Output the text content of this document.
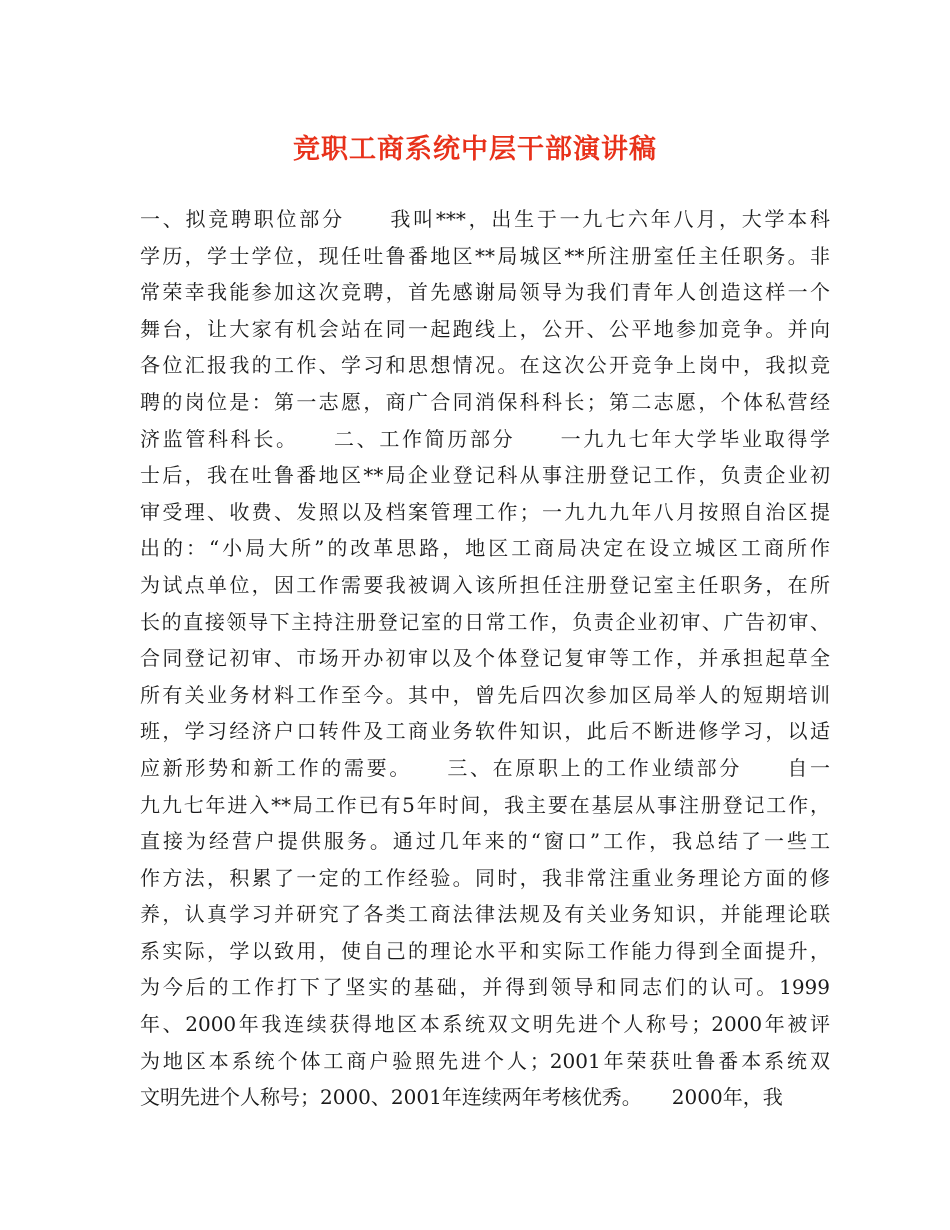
竞职工商系统中层干部演讲稿
一、拟竞聘职位部分　　我叫***，出生于一九七六年八月，大学本科
学历，学士学位，现任吐鲁番地区**局城区**所注册室任主任职务。非
常荣幸我能参加这次竞聘，首先感谢局领导为我们青年人创造这样一个
舞台，让大家有机会站在同一起跑线上，公开、公平地参加竞争。并向
各位汇报我的工作、学习和思想情况。在这次公开竞争上岗中，我拟竞
聘的岗位是：第一志愿，商广合同消保科科长；第二志愿，个体私营经
济监管科科长。　　二、工作简历部分　　一九九七年大学毕业取得学
士后，我在吐鲁番地区**局企业登记科从事注册登记工作，负责企业初
审受理、收费、发照以及档案管理工作；一九九九年八月按照自治区提
出的：“小局大所”的改革思路，地区工商局决定在设立城区工商所作
为试点单位，因工作需要我被调入该所担任注册登记室主任职务，在所
长的直接领导下主持注册登记室的日常工作，负责企业初审、广告初审、
合同登记初审、市场开办初审以及个体登记复审等工作，并承担起草全
所有关业务材料工作至今。其中，曾先后四次参加区局举人的短期培训
班，学习经济户口转件及工商业务软件知识，此后不断进修学习，以适
应新形势和新工作的需要。　　三、在原职上的工作业绩部分　　自一
九九七年进入**局工作已有5年时间，我主要在基层从事注册登记工作，
直接为经营户提供服务。通过几年来的“窗口”工作，我总结了一些工
作方法，积累了一定的工作经验。同时，我非常注重业务理论方面的修
养，认真学习并研究了各类工商法律法规及有关业务知识，并能理论联
系实际，学以致用，使自己的理论水平和实际工作能力得到全面提升，
为今后的工作打下了坚实的基础，并得到领导和同志们的认可。1999
年、2000年我连续获得地区本系统双文明先进个人称号；2000年被评
为地区本系统个体工商户验照先进个人；2001年荣获吐鲁番本系统双
文明先进个人称号；2000、2001年连续两年考核优秀。　　2000年，我
